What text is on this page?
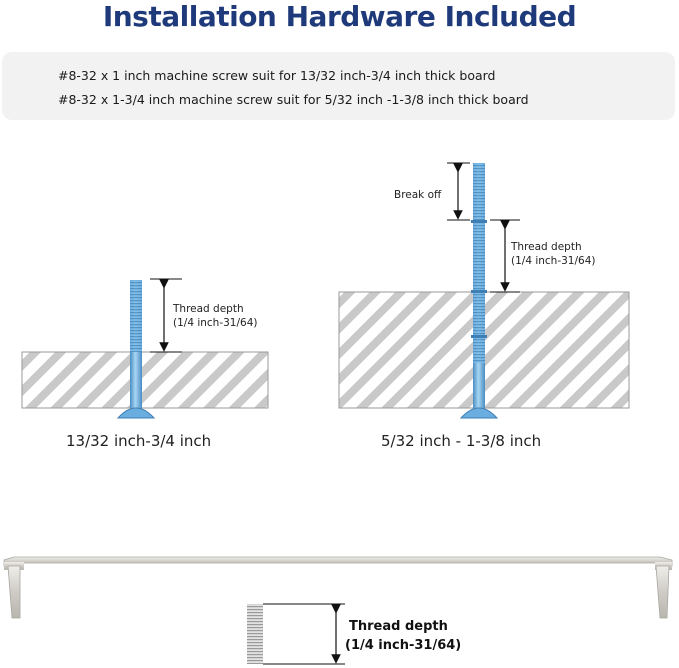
Installation Hardware Included
#8-32 x 1 inch machine screw suit for 13/32 inch-3/4 inch thick board
#8-32 x 1-3/4 inch machine screw suit for 5/32 inch -1-3/8 inch thick board
Thread depth
(1/4 inch-31/64)
13/32 inch-3/4 inch
Break off
Thread depth
(1/4 inch-31/64)
5/32 inch - 1-3/8 inch
Thread depth
(1/4 inch-31/64)
